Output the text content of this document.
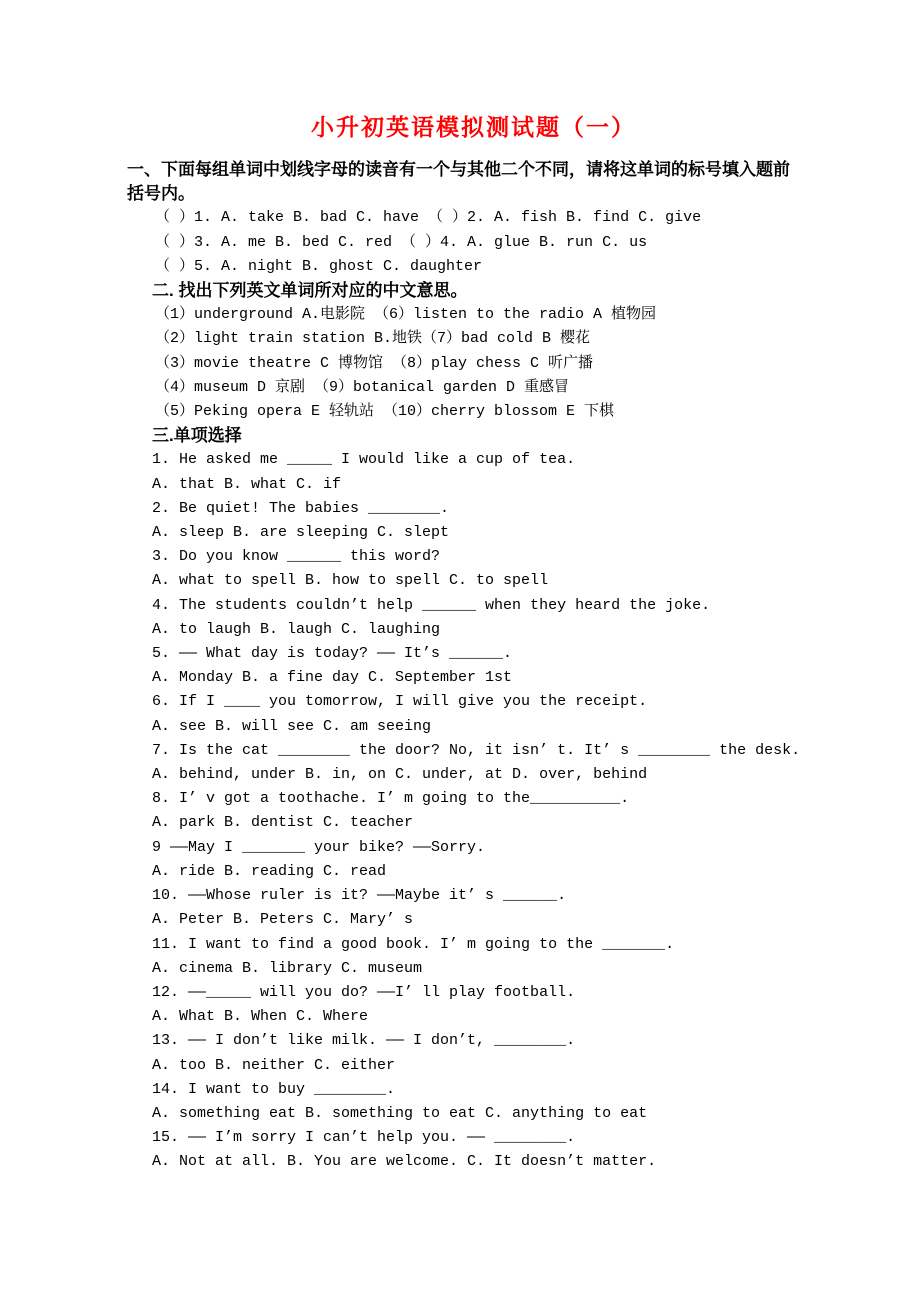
小升初英语模拟测试题（一）
一、下面每组单词中划线字母的读音有一个与其他二个不同，请将这单词的标号填入题前括号内。

（ ）1. A. take B. bad C. have （ ）2. A. fish B. find C. give

（ ）3. A. me B. bed C. red （ ）4. A. glue B. run C. us

（ ）5. A. night B. ghost C. daughter

二. 找出下列英文单词所对应的中文意思。

（1）underground A.电影院 （6）listen to the radio A 植物园

（2）light train station B.地铁（7）bad cold B 樱花

（3）movie theatre C 博物馆 （8）play chess C 听广播

（4）museum D 京剧 （9）botanical garden D 重感冒

（5）Peking opera E 轻轨站 （10）cherry blossom E 下棋

三.单项选择

1. He asked me _____ I would like a cup of tea.

A. that B. what C. if

2. Be quiet! The babies ________.

A. sleep B. are sleeping C. slept

3. Do you know ______ this word?

A. what to spell B. how to spell C. to spell

4. The students couldn’t help ______ when they heard the joke.

A. to laugh B. laugh C. laughing

5. —— What day is today? —— It’s ______.

A. Monday B. a fine day C. September 1st

6. If I ____ you tomorrow, I will give you the receipt.

A. see B. will see C. am seeing

7. Is the cat ________ the door? No, it isn’ t. It’ s ________ the desk.

A. behind, under B. in, on C. under, at D. over, behind

8. I’ v got a toothache. I’ m going to the__________.

A. park B. dentist C. teacher

9 ——May I _______ your bike? ——Sorry.

A. ride B. reading C. read

10. ——Whose ruler is it? ——Maybe it’ s ______.

A. Peter B. Peters C. Mary’ s

11. I want to find a good book. I’ m going to the _______.

A. cinema B. library C. museum

12. ——_____ will you do? ——I’ ll play football.

A. What B. When C. Where

13. —— I don’t like milk. —— I don’t, ________.

A. too B. neither C. either

14. I want to buy ________.

A. something eat B. something to eat C. anything to eat

15. —— I’m sorry I can’t help you. —— ________.

A. Not at all. B. You are welcome. C. It doesn’t matter.
